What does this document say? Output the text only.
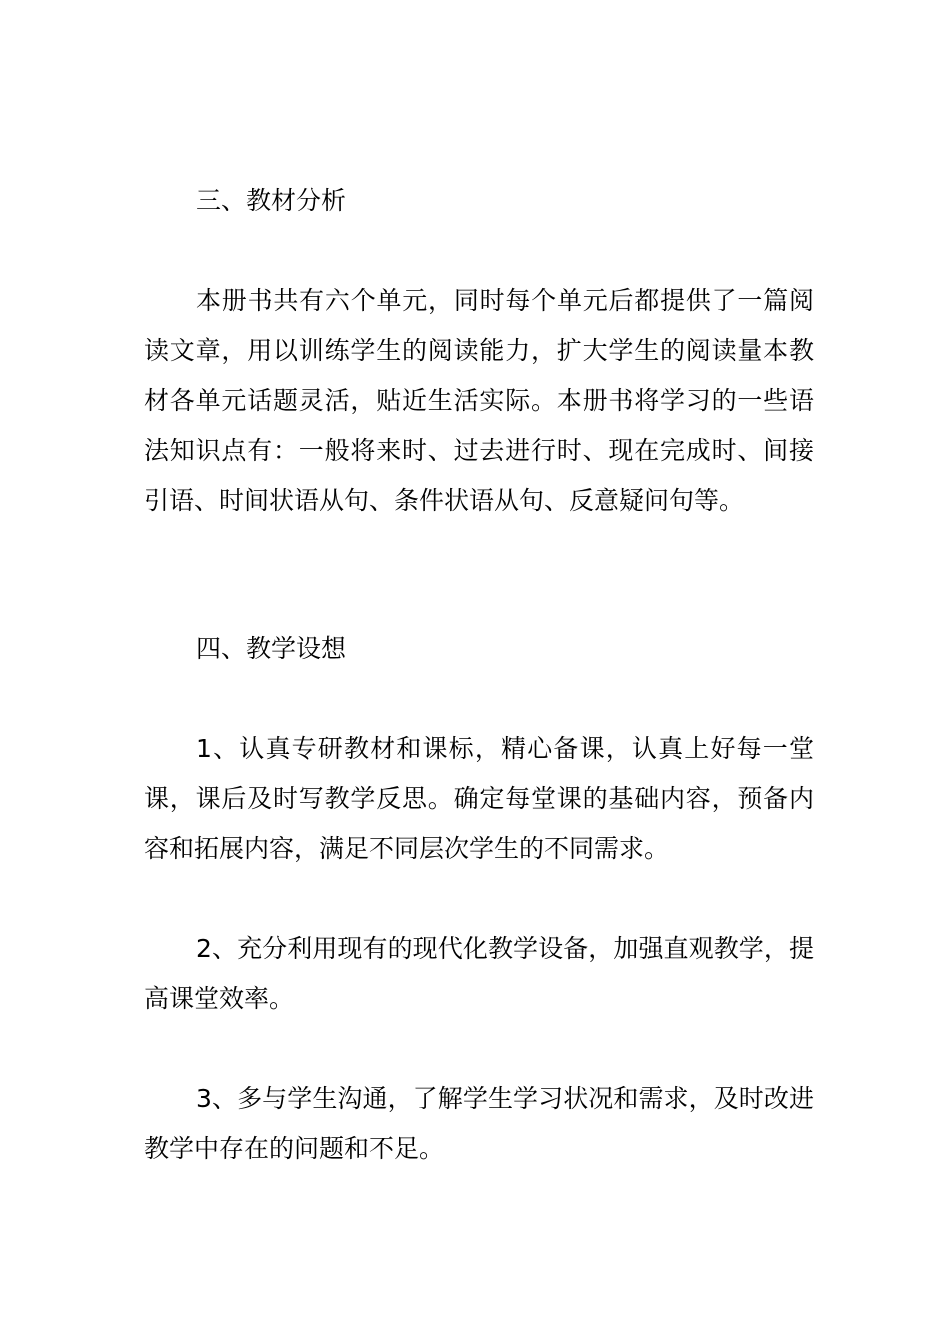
三、教材分析
本册书共有六个单元，同时每个单元后都提供了一篇阅读文章，用以训练学生的阅读能力，扩大学生的阅读量本教材各单元话题灵活，贴近生活实际。本册书将学习的一些语法知识点有：一般将来时、过去进行时、现在完成时、间接引语、时间状语从句、条件状语从句、反意疑问句等。
四、教学设想
1、认真专研教材和课标，精心备课，认真上好每一堂课，课后及时写教学反思。确定每堂课的基础内容，预备内容和拓展内容，满足不同层次学生的不同需求。
2、充分利用现有的现代化教学设备，加强直观教学，提高课堂效率。
3、多与学生沟通，了解学生学习状况和需求，及时改进教学中存在的问题和不足。
